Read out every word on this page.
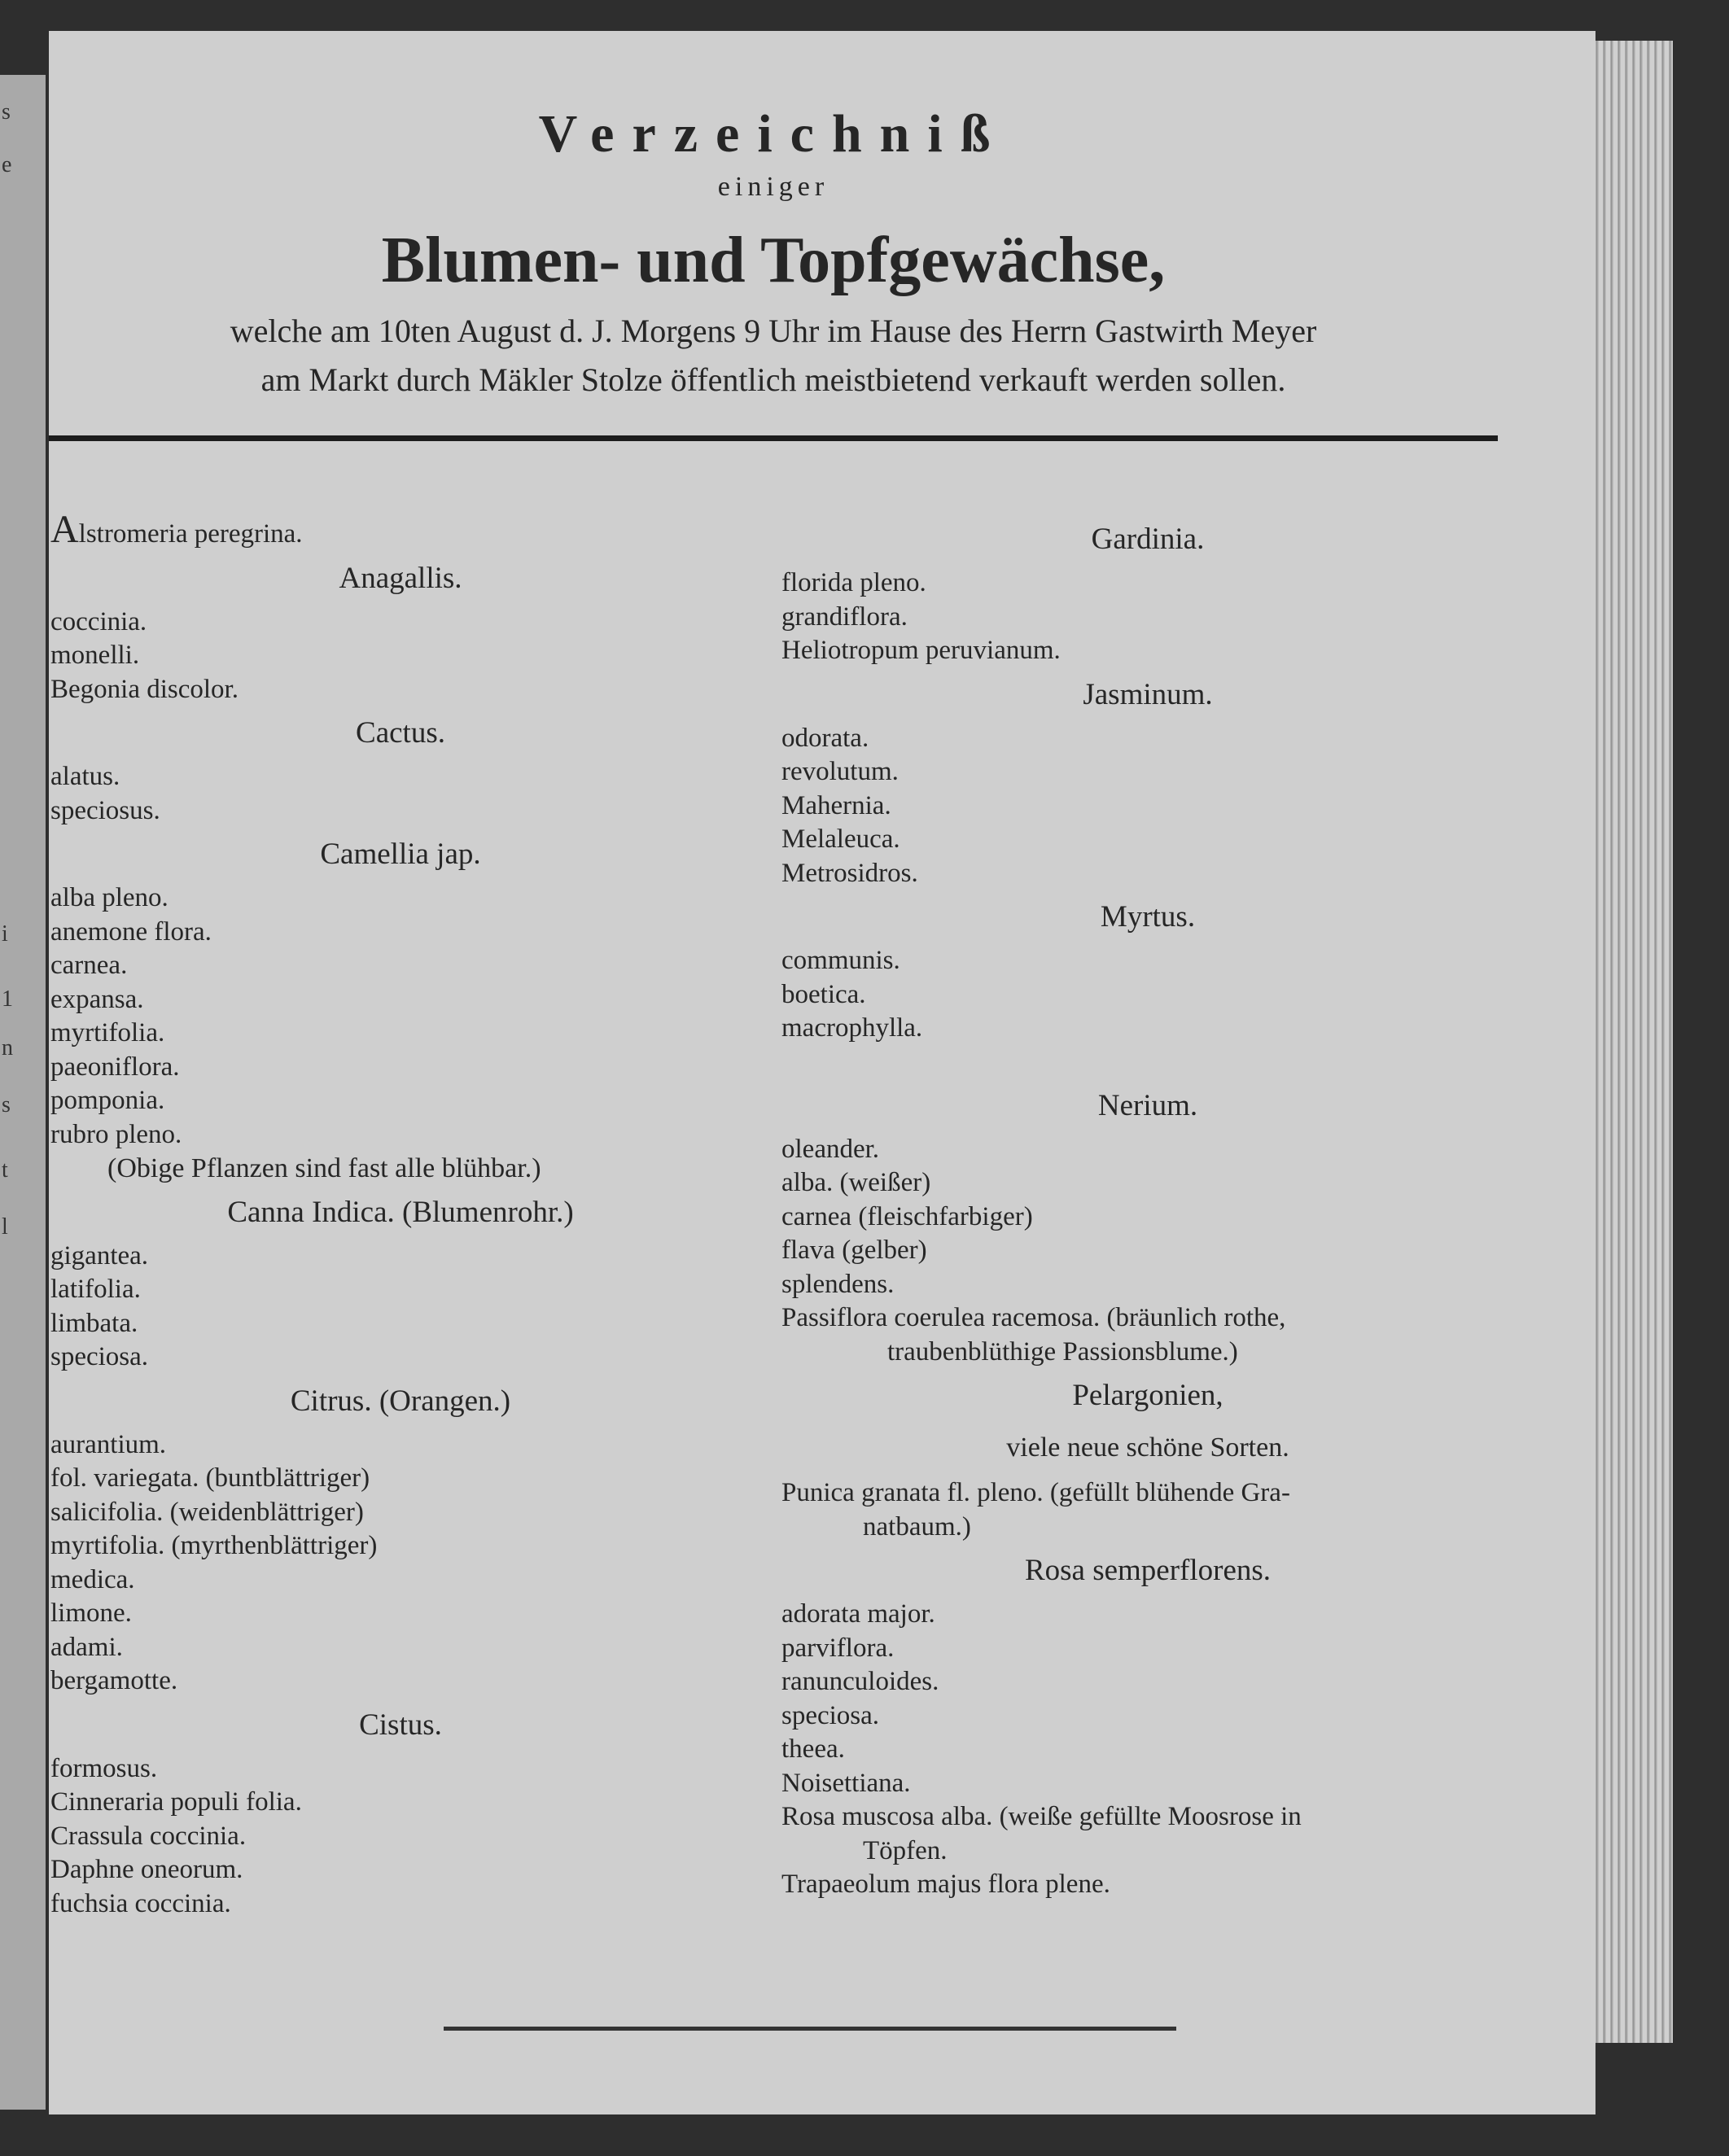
s
e
i
1
n
s
t
l
Verzeichniß
einiger
Blumen- und Topfgewächse,
welche am 10ten August d. J. Morgens 9 Uhr im Hause des Herrn Gastwirth Meyer
am Markt durch Mäkler Stolze öffentlich meistbietend verkauft werden sollen.
Alstromeria peregrina.
Anagallis.
coccinia.
monelli.
Begonia discolor.
Cactus.
alatus.
speciosus.
Camellia jap.
alba pleno.
anemone flora.
carnea.
expansa.
myrtifolia.
paeoniflora.
pomponia.
rubro pleno.
(Obige Pflanzen sind fast alle blühbar.)
Canna Indica. (Blumenrohr.)
gigantea.
latifolia.
limbata.
speciosa.
Citrus. (Orangen.)
aurantium.
fol. variegata. (buntblättriger)
salicifolia. (weidenblättriger)
myrtifolia. (myrthenblättriger)
medica.
limone.
adami.
bergamotte.
Cistus.
formosus.
Cinneraria populi folia.
Crassula coccinia.
Daphne oneorum.
fuchsia coccinia.
Gardinia.
florida pleno.
grandiflora.
Heliotropum peruvianum.
Jasminum.
odorata.
revolutum.
Mahernia.
Melaleuca.
Metrosidros.
Myrtus.
communis.
boetica.
macrophylla.
Nerium.
oleander.
alba. (weißer)
carnea (fleischfarbiger)
flava (gelber)
splendens.
Passiflora coerulea racemosa. (bräunlich rothe,
traubenblüthige Passionsblume.)
Pelargonien,
viele neue schöne Sorten.
Punica granata fl. pleno. (gefüllt blühende Gra-
natbaum.)
Rosa semperflorens.
adorata major.
parviflora.
ranunculoides.
speciosa.
theea.
Noisettiana.
Rosa muscosa alba. (weiße gefüllte Moosrose in
Töpfen.
Trapaeolum majus flora plene.
